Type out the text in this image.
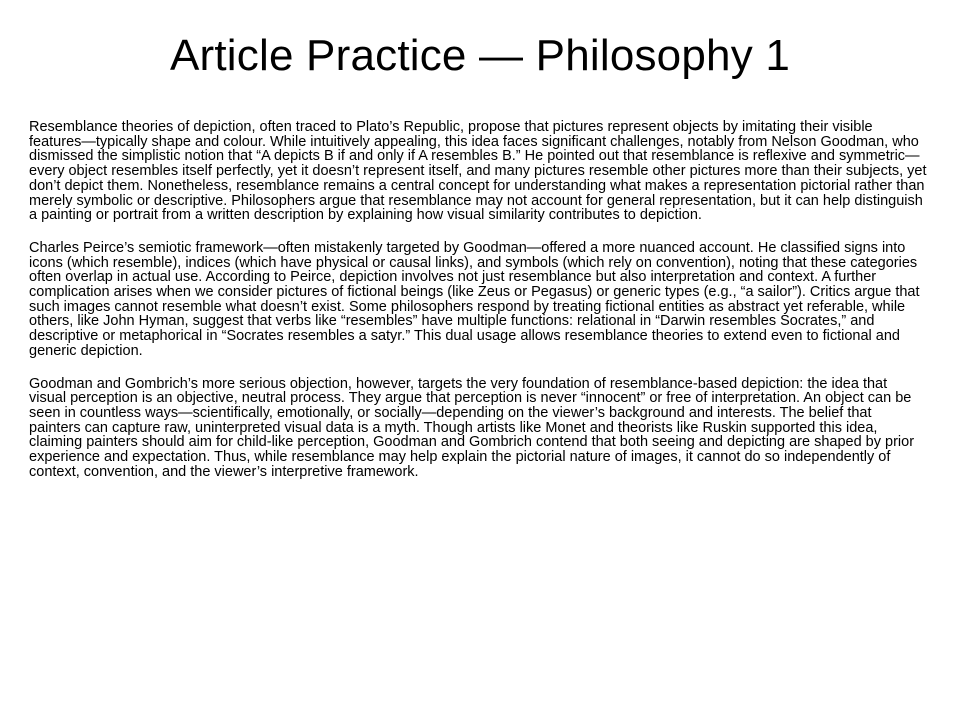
Article Practice — Philosophy 1

Resemblance theories of depiction, often traced to Plato’s Republic, propose that pictures represent objects by imitating their visible features—typically shape and colour. While intuitively appealing, this idea faces significant challenges, notably from Nelson Goodman, who dismissed the simplistic notion that “A depicts B if and only if A resembles B.” He pointed out that resemblance is reflexive and symmetric—every object resembles itself perfectly, yet it doesn’t represent itself, and many pictures resemble other pictures more than their subjects, yet don’t depict them. Nonetheless, resemblance remains a central concept for understanding what makes a representation pictorial rather than merely symbolic or descriptive. Philosophers argue that resemblance may not account for general representation, but it can help distinguish a painting or portrait from a written description by explaining how visual similarity contributes to depiction.

Charles Peirce’s semiotic framework—often mistakenly targeted by Goodman—offered a more nuanced account. He classified signs into icons (which resemble), indices (which have physical or causal links), and symbols (which rely on convention), noting that these categories often overlap in actual use. According to Peirce, depiction involves not just resemblance but also interpretation and context. A further complication arises when we consider pictures of fictional beings (like Zeus or Pegasus) or generic types (e.g., “a sailor”). Critics argue that such images cannot resemble what doesn’t exist. Some philosophers respond by treating fictional entities as abstract yet referable, while others, like John Hyman, suggest that verbs like “resembles” have multiple functions: relational in “Darwin resembles Socrates,” and descriptive or metaphorical in “Socrates resembles a satyr.” This dual usage allows resemblance theories to extend even to fictional and generic depiction.

Goodman and Gombrich’s more serious objection, however, targets the very foundation of resemblance-based depiction: the idea that visual perception is an objective, neutral process. They argue that perception is never “innocent” or free of interpretation. An object can be seen in countless ways—scientifically, emotionally, or socially—depending on the viewer’s background and interests. The belief that painters can capture raw, uninterpreted visual data is a myth. Though artists like Monet and theorists like Ruskin supported this idea, claiming painters should aim for child-like perception, Goodman and Gombrich contend that both seeing and depicting are shaped by prior experience and expectation. Thus, while resemblance may help explain the pictorial nature of images, it cannot do so independently of context, convention, and the viewer’s interpretive framework.
